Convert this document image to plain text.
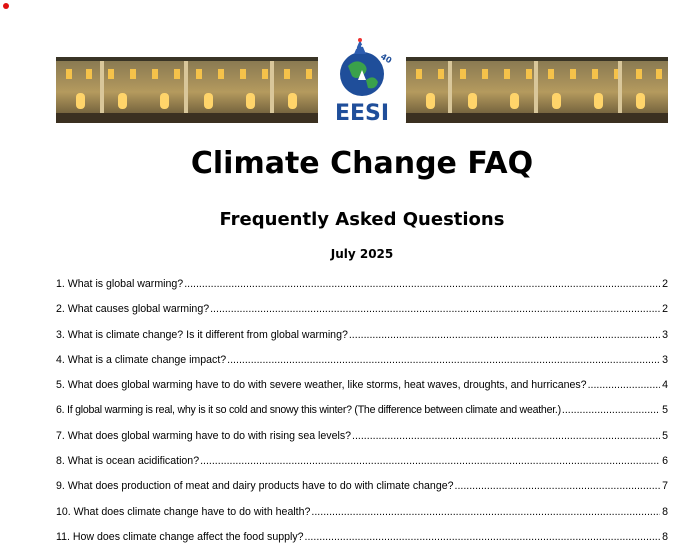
40
EESI
Climate Change FAQ
Frequently Asked Questions
July 2025
1. What is global warming? .....	2
2. What causes global warming? .....	2
3. What is climate change? Is it different from global warming? .....	3
4. What is a climate change impact? .....	3
5. What does global warming have to do with severe weather, like storms, heat waves, droughts, and hurricanes? .....	4
6. If global warming is real, why is it so cold and snowy this winter? (The difference between climate and weather.) .....	5
7. What does global warming have to do with rising sea levels? .....	5
8. What is ocean acidification? .....	6
9. What does production of meat and dairy products have to do with climate change? .....	7
10. What does climate change have to do with health? .....	8
11. How does climate change affect the food supply? .....	8
